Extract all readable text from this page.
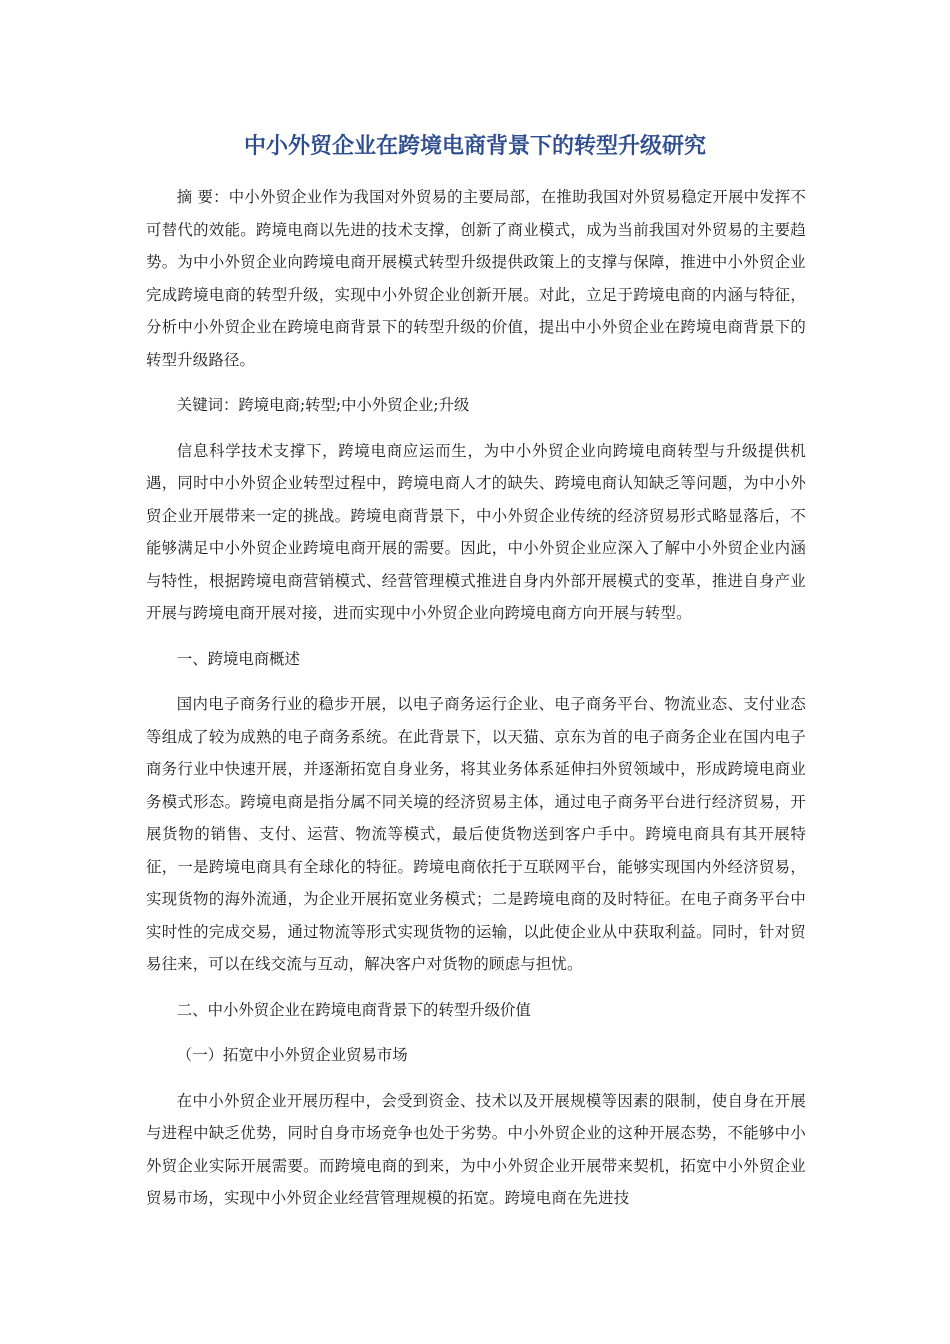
中小外贸企业在跨境电商背景下的转型升级研究

摘 要：中小外贸企业作为我国对外贸易的主要局部，在推助我国对外贸易稳定开展中发挥不可替代的效能。跨境电商以先进的技术支撑，创新了商业模式，成为当前我国对外贸易的主要趋势。为中小外贸企业向跨境电商开展模式转型升级提供政策上的支撑与保障，推进中小外贸企业完成跨境电商的转型升级，实现中小外贸企业创新开展。对此，立足于跨境电商的内涵与特征，分析中小外贸企业在跨境电商背景下的转型升级的价值，提出中小外贸企业在跨境电商背景下的转型升级路径。

关键词：跨境电商;转型;中小外贸企业;升级

信息科学技术支撑下，跨境电商应运而生，为中小外贸企业向跨境电商转型与升级提供机遇，同时中小外贸企业转型过程中，跨境电商人才的缺失、跨境电商认知缺乏等问题，为中小外贸企业开展带来一定的挑战。跨境电商背景下，中小外贸企业传统的经济贸易形式略显落后，不能够满足中小外贸企业跨境电商开展的需要。因此，中小外贸企业应深入了解中小外贸企业内涵与特性，根据跨境电商营销模式、经营管理模式推进自身内外部开展模式的变革，推进自身产业开展与跨境电商开展对接，进而实现中小外贸企业向跨境电商方向开展与转型。

一、跨境电商概述

国内电子商务行业的稳步开展，以电子商务运行企业、电子商务平台、物流业态、支付业态等组成了较为成熟的电子商务系统。在此背景下，以天猫、京东为首的电子商务企业在国内电子商务行业中快速开展，并逐渐拓宽自身业务，将其业务体系延伸扫外贸领域中，形成跨境电商业务模式形态。跨境电商是指分属不同关境的经济贸易主体，通过电子商务平台进行经济贸易，开展货物的销售、支付、运营、物流等模式，最后使货物送到客户手中。跨境电商具有其开展特征，一是跨境电商具有全球化的特征。跨境电商依托于互联网平台，能够实现国内外经济贸易，实现货物的海外流通，为企业开展拓宽业务模式；二是跨境电商的及时特征。在电子商务平台中实时性的完成交易，通过物流等形式实现货物的运输，以此使企业从中获取利益。同时，针对贸易往来，可以在线交流与互动，解决客户对货物的顾虑与担忧。

二、中小外贸企业在跨境电商背景下的转型升级价值

（一）拓宽中小外贸企业贸易市场

在中小外贸企业开展历程中，会受到资金、技术以及开展规模等因素的限制，使自身在开展与进程中缺乏优势，同时自身市场竞争也处于劣势。中小外贸企业的这种开展态势，不能够中小外贸企业实际开展需要。而跨境电商的到来，为中小外贸企业开展带来契机，拓宽中小外贸企业贸易市场，实现中小外贸企业经营管理规模的拓宽。跨境电商在先进技
